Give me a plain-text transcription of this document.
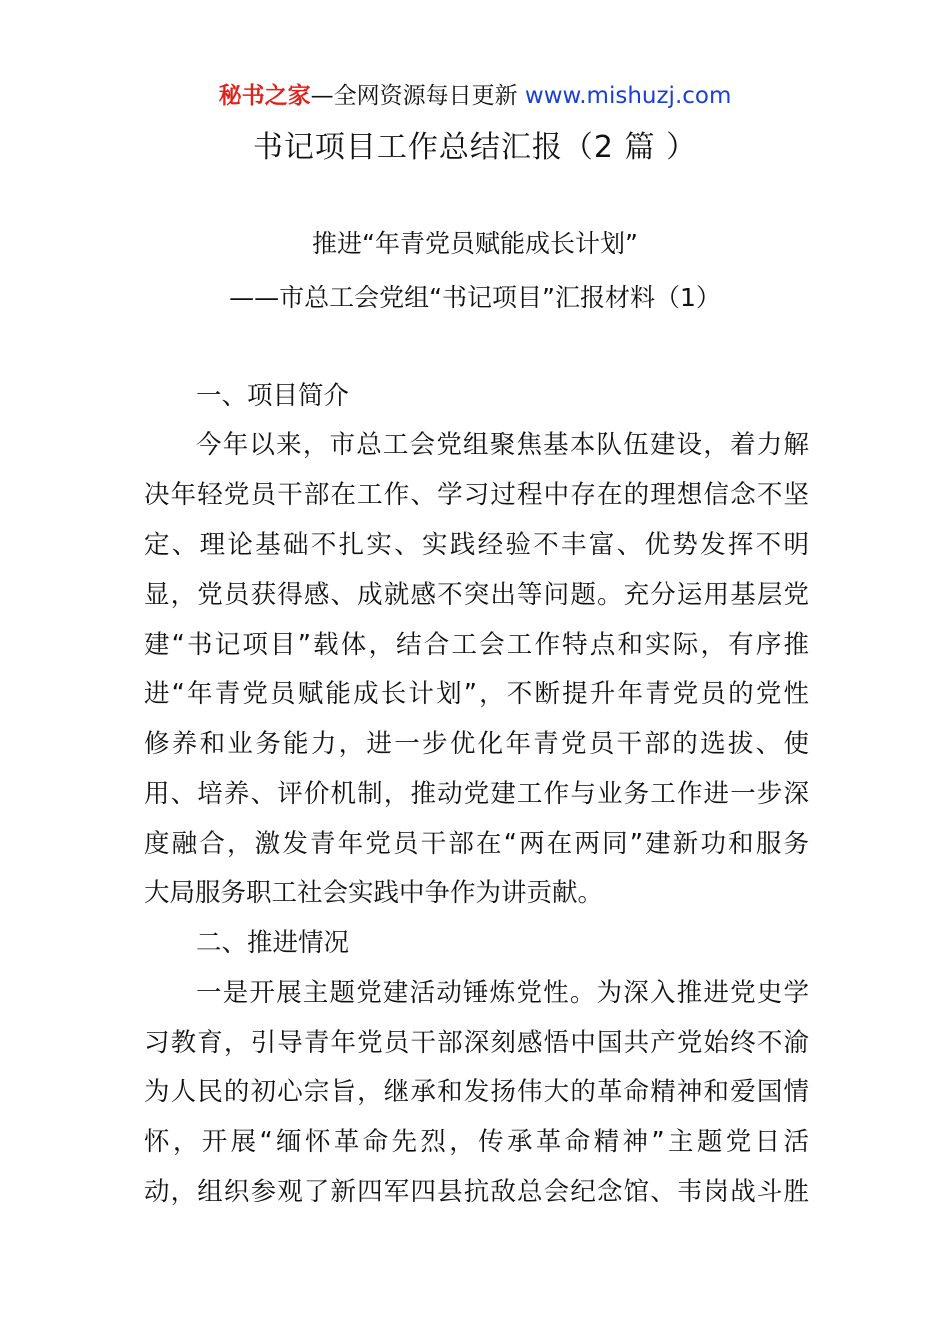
秘书之家—全网资源每日更新 www.mishuzj.com
书记项目工作总结汇报（2 篇 ）
推进“年青党员赋能成长计划”
——市总工会党组“书记项目”汇报材料（1）
一、项目简介
今年以来，市总工会党组聚焦基本队伍建设，着力解
决年轻党员干部在工作、学习过程中存在的理想信念不坚
定、理论基础不扎实、实践经验不丰富、优势发挥不明
显，党员获得感、成就感不突出等问题。充分运用基层党
建“书记项目”载体，结合工会工作特点和实际，有序推
进“年青党员赋能成长计划”，不断提升年青党员的党性
修养和业务能力，进一步优化年青党员干部的选拔、使
用、培养、评价机制，推动党建工作与业务工作进一步深
度融合，激发青年党员干部在“两在两同”建新功和服务
大局服务职工社会实践中争作为讲贡献。
二、推进情况
一是开展主题党建活动锤炼党性。为深入推进党史学
习教育，引导青年党员干部深刻感悟中国共产党始终不渝
为人民的初心宗旨，继承和发扬伟大的革命精神和爱国情
怀，开展“缅怀革命先烈，传承革命精神”主题党日活
动，组织参观了新四军四县抗敌总会纪念馆、韦岗战斗胜
